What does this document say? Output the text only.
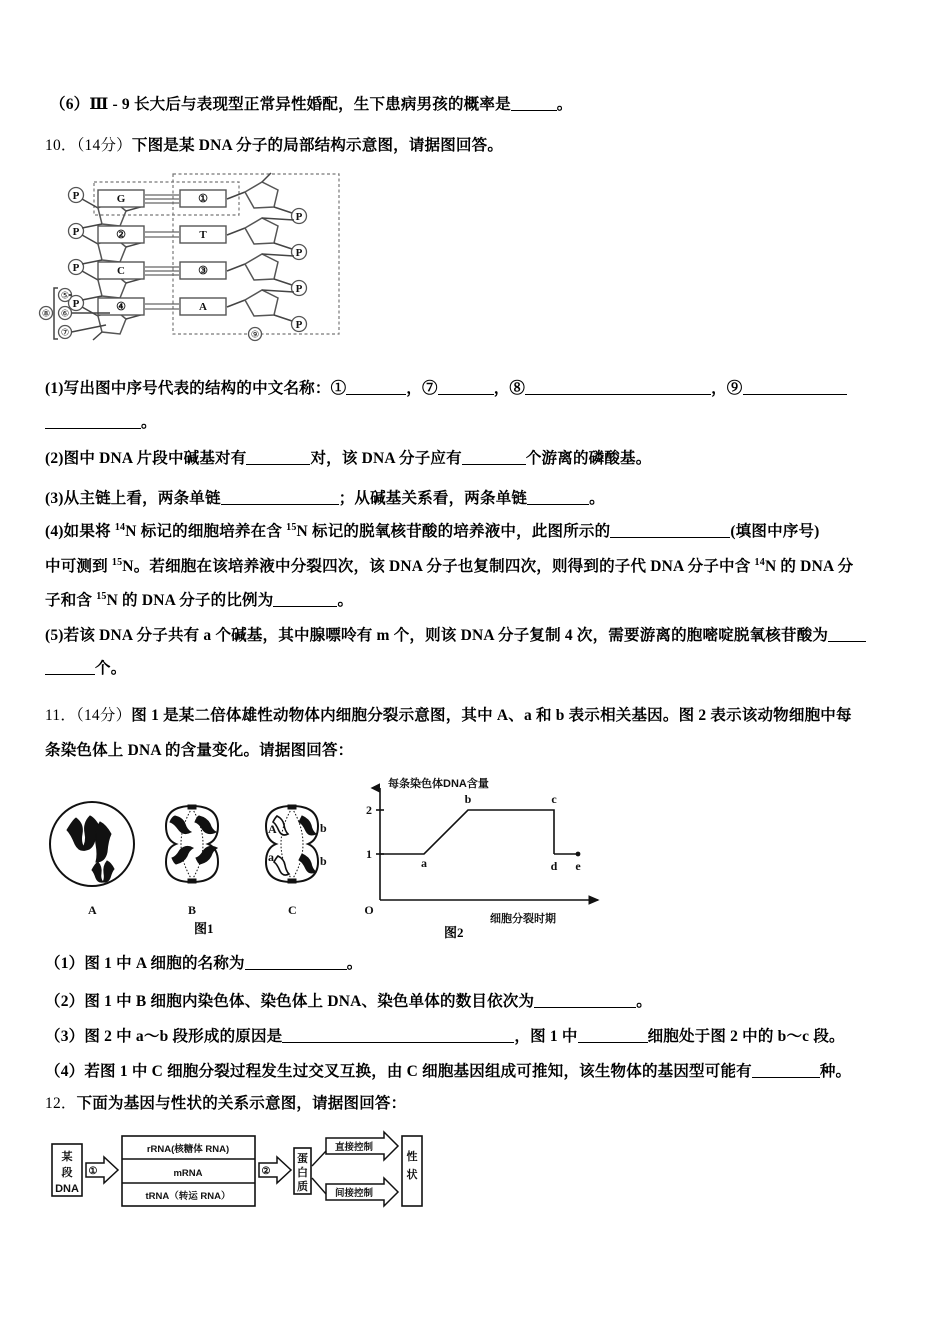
（6）Ⅲ - 9 长大后与表现型正常异性婚配，生下患病男孩的概率是	。
10．（14分）下图是某 DNA 分子的局部结构示意图，请据图回答。
P
P
P
P
G
②
C
④
①
T
③
A
P
P
P
P
⑤
⑥
⑦
⑧
⑨
(1)写出图中序号代表的结构的中文名称：①	，⑦	，⑧	，⑨
。
(2)图中 DNA 片段中碱基对有	对，该 DNA 分子应有	个游离的磷酸基。
(3)从主链上看，两条单链	；从碱基关系看，两条单链	。
(4)如果将 $^{14}$N 标记的细胞培养在含 $^{15}$N 标记的脱氧核苷酸的培养液中，此图所示的	(填图中序号)
中可测到 $^{15}$N。若细胞在该培养液中分裂四次，该 DNA 分子也复制四次，则得到的子代 DNA 分子中含 $^{14}$N 的 DNA 分
子和含 $^{15}$N 的 DNA 分子的比例为	。
(5)若该 DNA 分子共有 a 个碱基，其中腺嘌呤有 m 个，则该 DNA 分子复制 4 次，需要游离的胞嘧啶脱氧核苷酸为
个。
11．（14分）图 1 是某二倍体雄性动物体内细胞分裂示意图，其中 A、a 和 b 表示相关基因。图 2 表示该动物细胞中每
条染色体上 DNA 的含量变化。请据图回答：
A	B
A	b
a	b
C
图1
2
1
O
每条染色体DNA含量
细胞分裂时期
a
b	c
d e
图2
（1）图 1 中 A 细胞的名称为	。
（2）图 1 中 B 细胞内染色体、染色体上 DNA、染色单体的数目依次为	。
（3）图 2 中 a～b 段形成的原因是	，图 1 中	细胞处于图 2 中的 b～c 段。
（4）若图 1 中 C 细胞分裂过程发生过交叉互换，由 C 细胞基因组成可推知，该生物体的基因型可能有	种。
12．下面为基因与性状的关系示意图，请据图回答：
某
段
DNA
①
rRNA(核糖体 RNA)
mRNA
tRNA（转运 RNA）
②
蛋
白
质
直接控制
间接控制
性
状
